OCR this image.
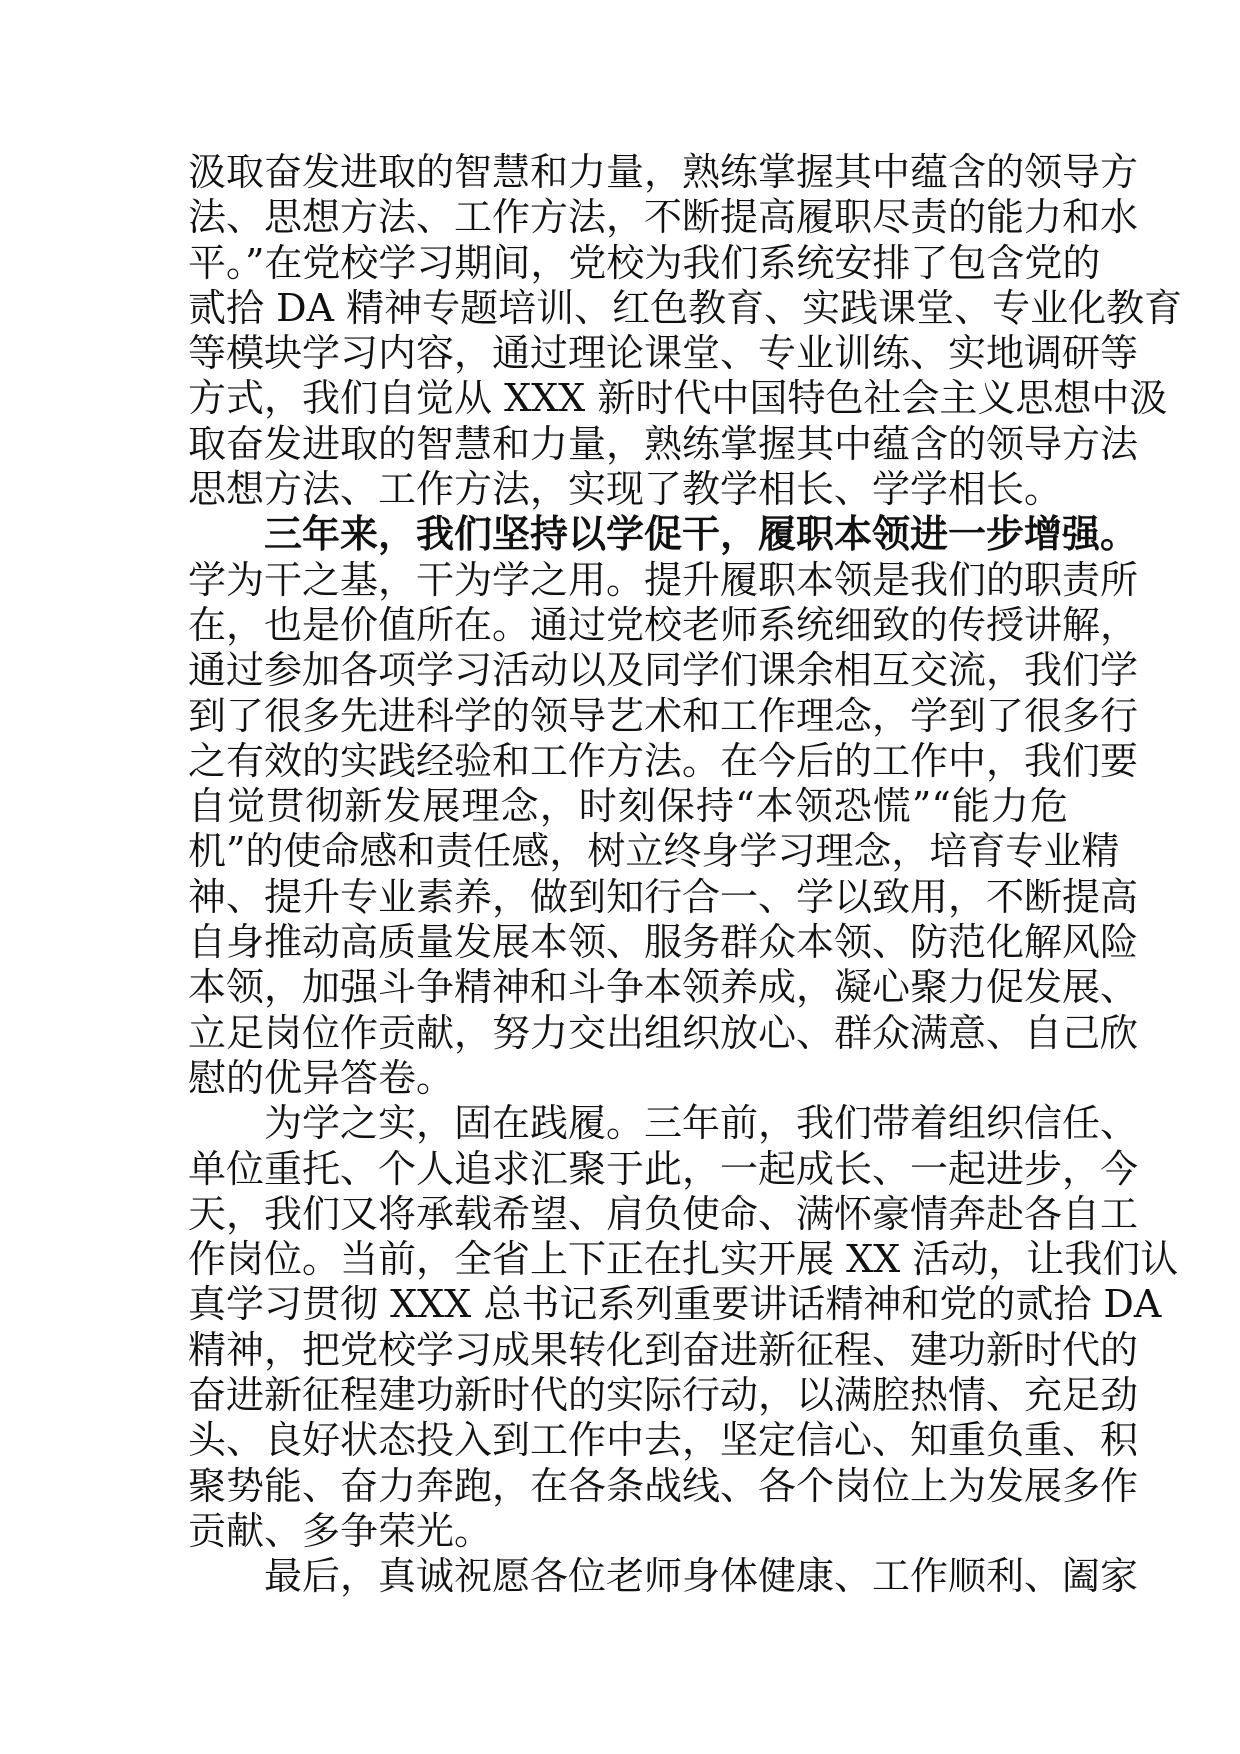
汲取奋发进取的智慧和力量，熟练掌握其中蕴含的领导方
法、思想方法、工作方法，不断提高履职尽责的能力和水
平。”在党校学习期间，党校为我们系统安排了包含党的
贰拾 DA 精神专题培训、红色教育、实践课堂、专业化教育
等模块学习内容，通过理论课堂、专业训练、实地调研等
方式，我们自觉从 XXX 新时代中国特色社会主义思想中汲
取奋发进取的智慧和力量，熟练掌握其中蕴含的领导方法
思想方法、工作方法，实现了教学相长、学学相长。
三年来，我们坚持以学促干，履职本领进一步增强。
学为干之基，干为学之用。提升履职本领是我们的职责所
在，也是价值所在。通过党校老师系统细致的传授讲解，
通过参加各项学习活动以及同学们课余相互交流，我们学
到了很多先进科学的领导艺术和工作理念，学到了很多行
之有效的实践经验和工作方法。在今后的工作中，我们要
自觉贯彻新发展理念，时刻保持“本领恐慌”“能力危
机”的使命感和责任感，树立终身学习理念，培育专业精
神、提升专业素养，做到知行合一、学以致用，不断提高
自身推动高质量发展本领、服务群众本领、防范化解风险
本领，加强斗争精神和斗争本领养成，凝心聚力促发展、
立足岗位作贡献，努力交出组织放心、群众满意、自己欣
慰的优异答卷。
为学之实，固在践履。三年前，我们带着组织信任、
单位重托、个人追求汇聚于此，一起成长、一起进步，今
天，我们又将承载希望、肩负使命、满怀豪情奔赴各自工
作岗位。当前，全省上下正在扎实开展 XX 活动，让我们认
真学习贯彻 XXX 总书记系列重要讲话精神和党的贰拾 DA
精神，把党校学习成果转化到奋进新征程、建功新时代的
奋进新征程建功新时代的实际行动，以满腔热情、充足劲
头、良好状态投入到工作中去，坚定信心、知重负重、积
聚势能、奋力奔跑，在各条战线、各个岗位上为发展多作
贡献、多争荣光。
最后，真诚祝愿各位老师身体健康、工作顺利、阖家
